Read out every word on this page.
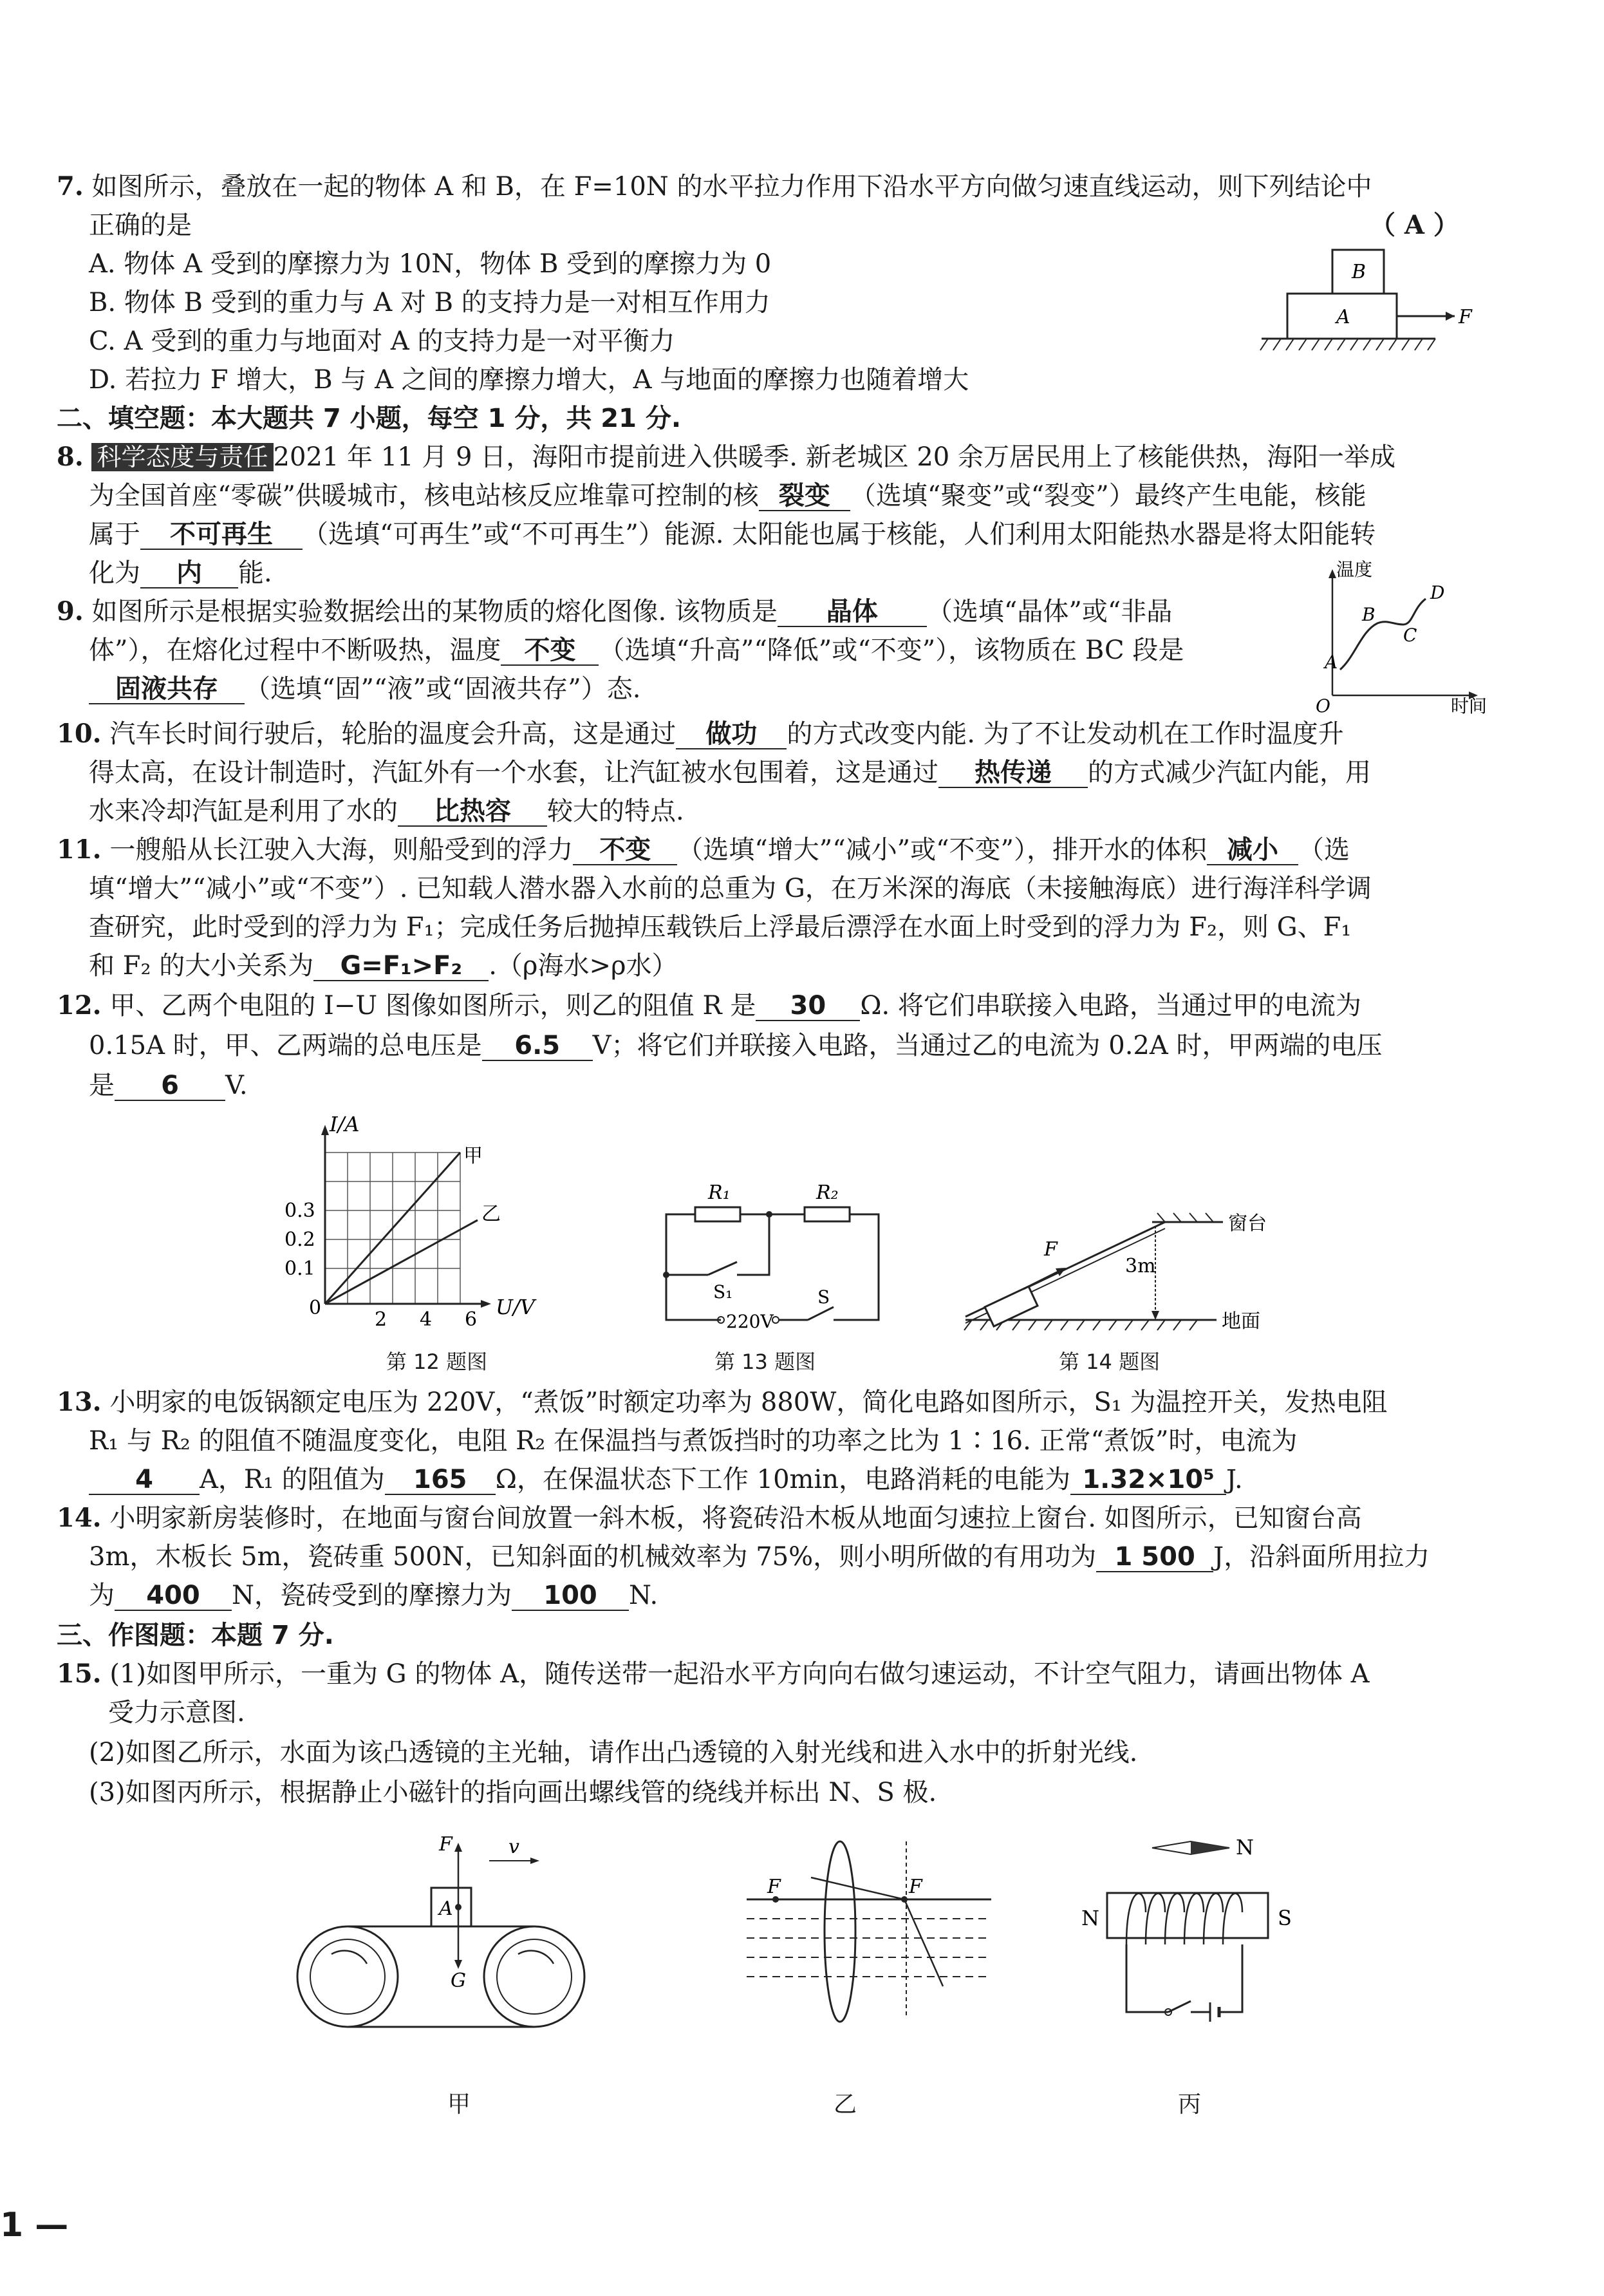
7. 如图所示，叠放在一起的物体 A 和 B，在 F=10N 的水平拉力作用下沿水平方向做匀速直线运动，则下列结论中
正确的是	（ A ）
A. 物体 A 受到的摩擦力为 10N，物体 B 受到的摩擦力为 0
B. 物体 B 受到的重力与 A 对 B 的支持力是一对相互作用力
C. A 受到的重力与地面对 A 的支持力是一对平衡力
D. 若拉力 F 增大，B 与 A 之间的摩擦力增大，A 与地面的摩擦力也随着增大
B
A	F
二、填空题：本大题共 7 小题，每空 1 分，共 21 分.
8. 科学态度与责任 2021 年 11 月 9 日，海阳市提前进入供暖季. 新老城区 20 余万居民用上了核能供热，海阳一举成
为全国首座“零碳”供暖城市，核电站核反应堆靠可控制的核 裂变 （选填“聚变”或“裂变”）最终产生电能，核能
属于 不可再生 （选填“可再生”或“不可再生”）能源. 太阳能也属于核能，人们利用太阳能热水器是将太阳能转
化为 内 能.
9. 如图所示是根据实验数据绘出的某物质的熔化图像. 该物质是 晶体 （选填“晶体”或“非晶
体”），在熔化过程中不断吸热，温度 不变 （选填“升高”“降低”或“不变”），该物质在 BC 段是
固液共存 （选填“固”“液”或“固液共存”）态.
温度
时间
O
A
B
C
D
10. 汽车长时间行驶后，轮胎的温度会升高，这是通过 做功 的方式改变内能. 为了不让发动机在工作时温度升
得太高，在设计制造时，汽缸外有一个水套，让汽缸被水包围着，这是通过 热传递 的方式减少汽缸内能，用
水来冷却汽缸是利用了水的 比热容 较大的特点.
11. 一艘船从长江驶入大海，则船受到的浮力 不变 （选填“增大”“减小”或“不变”），排开水的体积 减小 （选
填“增大”“减小”或“不变”）. 已知载人潜水器入水前的总重为 G，在万米深的海底（未接触海底）进行海洋科学调
查研究，此时受到的浮力为 F₁；完成任务后抛掉压载铁后上浮最后漂浮在水面上时受到的浮力为 F₂，则 G、F₁
和 F₂ 的大小关系为 G=F₁>F₂ .（ρ海水>ρ水）
12. 甲、乙两个电阻的 I−U 图像如图所示，则乙的阻值 R 是 30 Ω. 将它们串联接入电路，当通过甲的电流为
0.15A 时，甲、乙两端的总电压是 6.5 V；将它们并联接入电路，当通过乙的电流为 0.2A 时，甲两端的电压
是 6 V.
I/A
U/V
0
0.1
0.2
0.3
2 4 6
甲
乙
第 12 题图
R₁	R₂
S₁	S
220V
第 13 题图
F
3m
窗台
地面
第 14 题图
13. 小明家的电饭锅额定电压为 220V，“煮饭”时额定功率为 880W，简化电路如图所示，S₁ 为温控开关，发热电阻
R₁ 与 R₂ 的阻值不随温度变化，电阻 R₂ 在保温挡与煮饭挡时的功率之比为 1∶16. 正常“煮饭”时，电流为
4 A，R₁ 的阻值为 165 Ω，在保温状态下工作 10min，电路消耗的电能为 1.32×10⁵ J.
14. 小明家新房装修时，在地面与窗台间放置一斜木板，将瓷砖沿木板从地面匀速拉上窗台. 如图所示，已知窗台高
3m，木板长 5m，瓷砖重 500N，已知斜面的机械效率为 75%，则小明所做的有用功为 1 500 J，沿斜面所用拉力
为 400 N，瓷砖受到的摩擦力为 100 N.
三、作图题：本题 7 分.
15. (1)如图甲所示，一重为 G 的物体 A，随传送带一起沿水平方向向右做匀速运动，不计空气阻力，请画出物体 A
受力示意图.
(2)如图乙所示，水面为该凸透镜的主光轴，请作出凸透镜的入射光线和进入水中的折射光线.
(3)如图丙所示，根据静止小磁针的指向画出螺线管的绕线并标出 N、S 极.
F	v
A
G
甲
F	F
乙
N
N	S
丙
1 —
